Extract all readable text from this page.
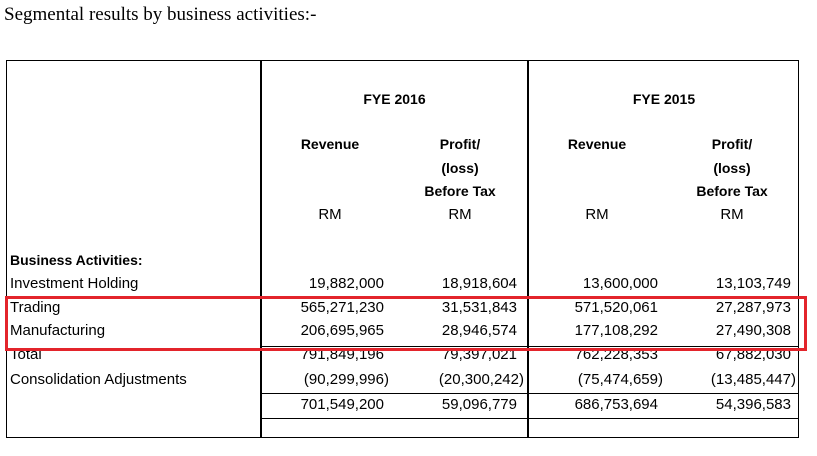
Segmental results by business activities:-
FYE 2016	FYE 2015
Revenue	Profit/
(loss)
Before Tax
RM	RM
Revenue	Profit/
(loss)
Before Tax
RM	RM
Business Activities:
Investment Holding	19,882,000	18,918,604	13,600,000	13,103,749
Trading	565,271,230	31,531,843	571,520,061	27,287,973
Manufacturing	206,695,965	28,946,574	177,108,292	27,490,308
Total	791,849,196	79,397,021	762,228,353	67,882,030
Consolidation Adjustments	(90,299,996)	(20,300,242)	(75,474,659)	(13,485,447)
701,549,200	59,096,779	686,753,694	54,396,583
